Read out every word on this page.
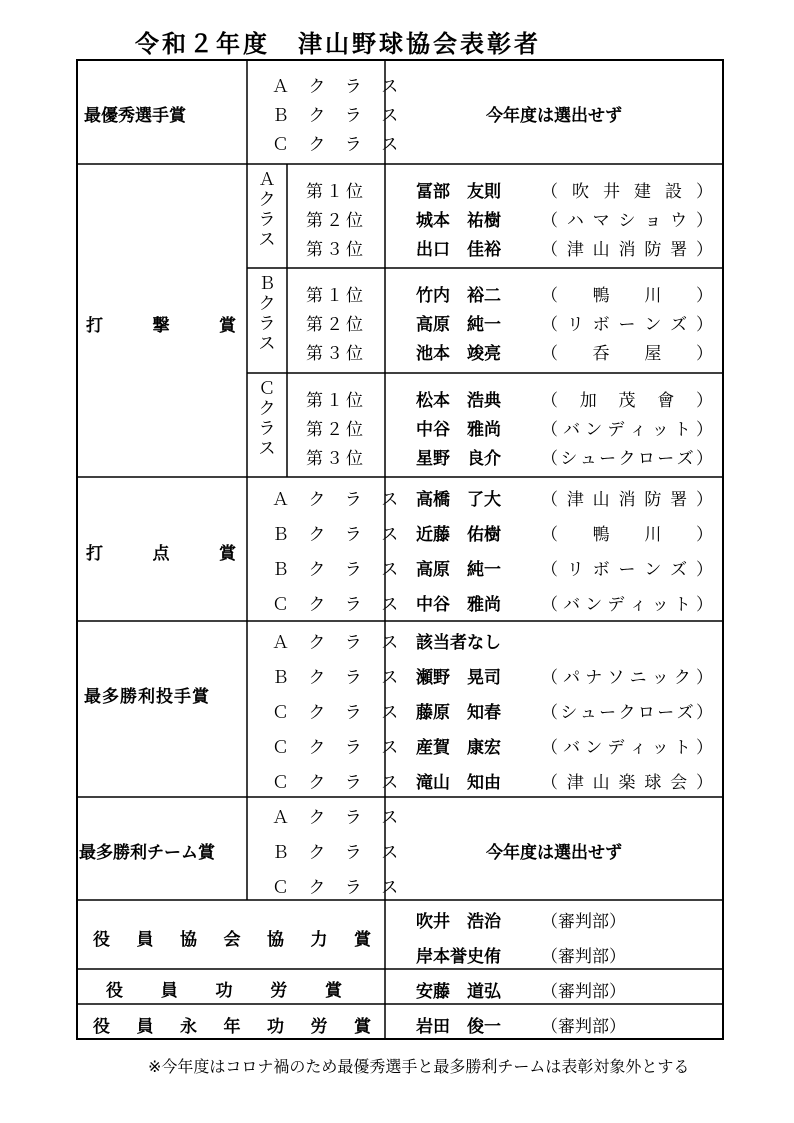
令和２年度 津山野球協会表彰者
最優秀選手賞
Ａ ク ラ ス
Ｂ ク ラ ス
Ｃ ク ラ ス
今年度は選出せず
打	撃	賞
Ａ
ク
ラ
ス
第１位	冨部	友則 （ 吹 井 建 設 ）
第２位	城本	祐樹 （ ハ マ シ ョ ウ ）
第３位	出口	佳裕 （ 津 山 消 防 署 ）
Ｂ
ク
ラ
ス
第１位	竹内	裕二 （ 鴨 川 ）
第２位	高原	純一 （ リ ボ ー ン ズ ）
第３位	池本	竣亮 （ 呑 屋 ）
Ｃ
ク
ラ
ス
第１位	松本	浩典 （ 加 茂 會 ）
第２位	中谷	雅尚 （ バ ン デ ィ ッ ト ）
第３位	星野	良介 （ シ ュ ー ク ロ ー ズ ）
打	点	賞
Ａ ク ラ ス 高橋	了大 （ 津 山 消 防 署 ）
Ｂ ク ラ ス 近藤	佑樹 （ 鴨 川 ）
Ｂ ク ラ ス 高原	純一 （ リ ボ ー ン ズ ）
Ｃ ク ラ ス 中谷	雅尚 （ バ ン デ ィ ッ ト ）
最多勝利投手賞
Ａ ク ラ ス 該当者なし
Ｂ ク ラ ス 瀬野	晃司 （ パ ナ ソ ニ ッ ク ）
Ｃ ク ラ ス 藤原	知春 （ シ ュ ー ク ロ ー ズ ）
Ｃ ク ラ ス 産賀	康宏 （ バ ン デ ィ ッ ト ）
Ｃ ク ラ ス 滝山	知由 （ 津 山 楽 球 会 ）
最多勝利チーム賞
Ａ ク ラ ス
Ｂ ク ラ ス
Ｃ ク ラ ス
今年度は選出せず
役 員 協 会 協 力 賞
吹井	浩治 （審判部）
岸本 誉史侑 （審判部）
役 員 功 労 賞	安藤	道弘 （審判部）
役 員 永 年 功 労 賞	岩田	俊一 （審判部）
※今年度はコロナ禍のため最優秀選手と最多勝利チームは表彰対象外とする
